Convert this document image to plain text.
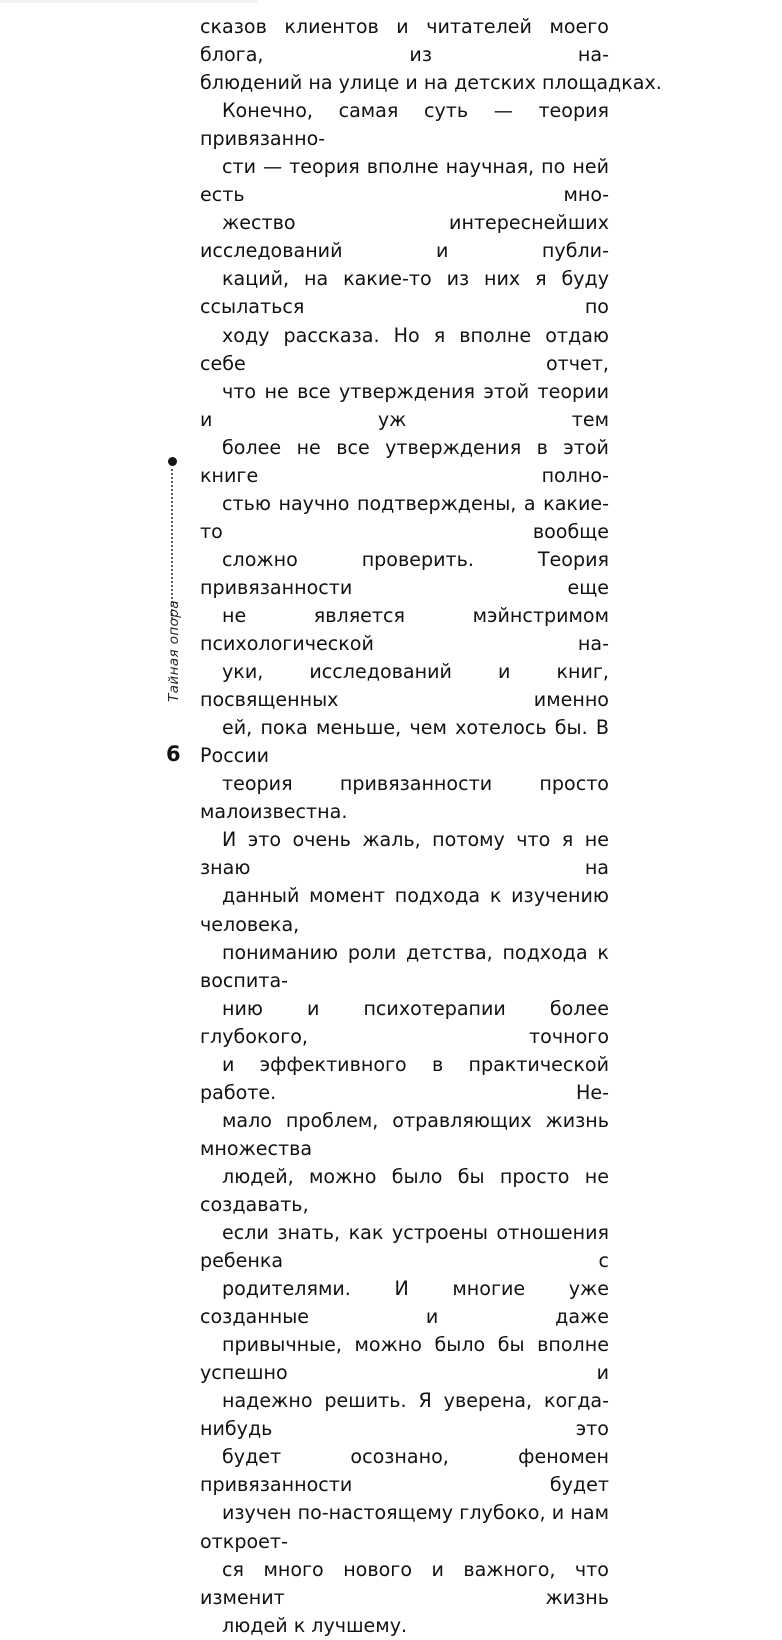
Тайная опора

сказов клиентов и читателей моего блога,	из	на-
блюдений на улице и на детских площадках.

Конечно, самая суть — теория привязанно-
сти — теория вполне научная, по ней есть	мно-
жество	интереснейших исследований	и	публи-
каций, на какие-то из них я буду ссылаться	по
ходу рассказа. Но я вполне отдаю себе	отчет,
что не все утверждения этой теории и	уж	тем
более не все утверждения в этой книге	полно-
стью научно подтверждены, а какие-то	вообще
сложно	проверить.	Теория привязанности	еще
не	является	мэйнстримом психологической	на-
уки, исследований и книг, посвященных	именно
ей, пока меньше, чем хотелось бы. В России
теория привязанности просто малоизвестна.
И это очень жаль, потому что я не знаю	на
данный момент подхода к изучению человека,
пониманию роли детства, подхода к воспита-
нию и психотерапии более глубокого,	точного
и эффективного в практической работе.	Не-
мало проблем, отравляющих жизнь множества
людей, можно было бы просто не создавать,
если знать, как устроены отношения ребенка	с
родителями. И многие уже созданные	и	даже
привычные, можно было бы вполне успешно	и
надежно решить. Я уверена, когда-нибудь	это
будет	осознано,	феномен привязанности	будет
изучен по-настоящему глубоко, и нам откроет-
ся много нового и важного, что изменит	жизнь
людей к лучшему.

6
